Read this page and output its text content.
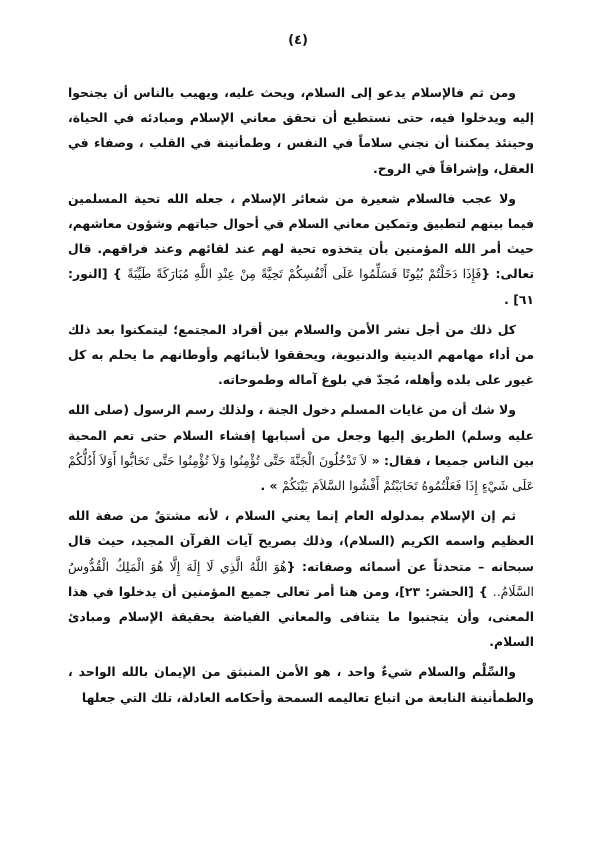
(٤)

ومن ثم فالإسلام يدعو إلى السلام، ويحث عليه، ويهيب بالناس أن يجنحوا إليه ويدخلوا فيه، حتى نستطيع أن نحقق معاني الإسلام ومبادئه في الحياة، وحينئذ يمكننا أن نجني سلاماً في النفس ، وطمأنينة في القلب ، وصفاء في العقل، وإشراقاً في الروح.

ولا عجب فالسلام شعيرة من شعائر الإسلام ، جعله الله تحية المسلمين فيما بينهم لتطبيق وتمكين معاني السلام في أحوال حياتهم وشؤون معاشهم، حيث أمر الله المؤمنين بأن يتخذوه تحية لهم عند لقائهم وعند فراقهم. قال تعالى: {فَإِذَا دَخَلْتُمْ بُيُوتًا فَسَلِّمُوا عَلَى أَنْفُسِكُمْ تَحِيَّةً مِنْ عِنْدِ اللَّهِ مُبَارَكَةً طَيِّبَةً } [النور: ٦١] .

كل ذلك من أجل نشر الأمن والسلام بين أفراد المجتمع؛ ليتمكنوا بعد ذلك من أداء مهامهم الدينية والدنيوية، ويحققوا لأبنائهم وأوطانهم ما يحلم به كل غيور على بلده وأهله، مُجدّ في بلوغ آماله وطموحاته.

ولا شك أن من غايات المسلم دخول الجنة ، ولذلك رسم الرسول (صلى الله عليه وسلم) الطريق إليها وجعل من أسبابها إفشاء السلام حتى تعم المحبة بين الناس جميعا ، فقال: « لاَ تَدْخُلُونَ الْجَنَّةَ حَتَّى تُؤْمِنُوا وَلاَ تُؤْمِنُوا حَتَّى تَحَابُّوا أَوَلاَ أَدُلُّكُمْ عَلَى شَيْءٍ إِذَا فَعَلْتُمُوهُ تَحَابَبْتُمْ أَفْشُوا السَّلاَمَ بَيْنَكُمْ » .

ثم إن الإسلام بمدلوله العام إنما يعني السلام ، لأنه مشتقٌ من صفة الله العظيم واسمه الكريم (السلام)، وذلك بصريح آيات القرآن المجيد، حيث قال سبحانه – متحدثاً عن أسمائه وصفاته: {هُوَ اللَّهُ الَّذِي لَا إِلَهَ إِلَّا هُوَ الْمَلِكُ الْقُدُّوسُ السَّلَامُ.. } [الحشر: ٢٣]، ومن هنا أمر تعالى جميع المؤمنين أن يدخلوا في هذا المعنى، وأن يتجنبوا ما يتنافى والمعاني الفياضة بحقيقة الإسلام ومبادئ السلام.

والسِّلْم والسلام شيءٌ واحد ، هو الأمن المنبثق من الإيمان بالله الواحد ، والطمأنينة النابعة من اتباع تعاليمه السمحة وأحكامه العادلة، تلك التي جعلها
